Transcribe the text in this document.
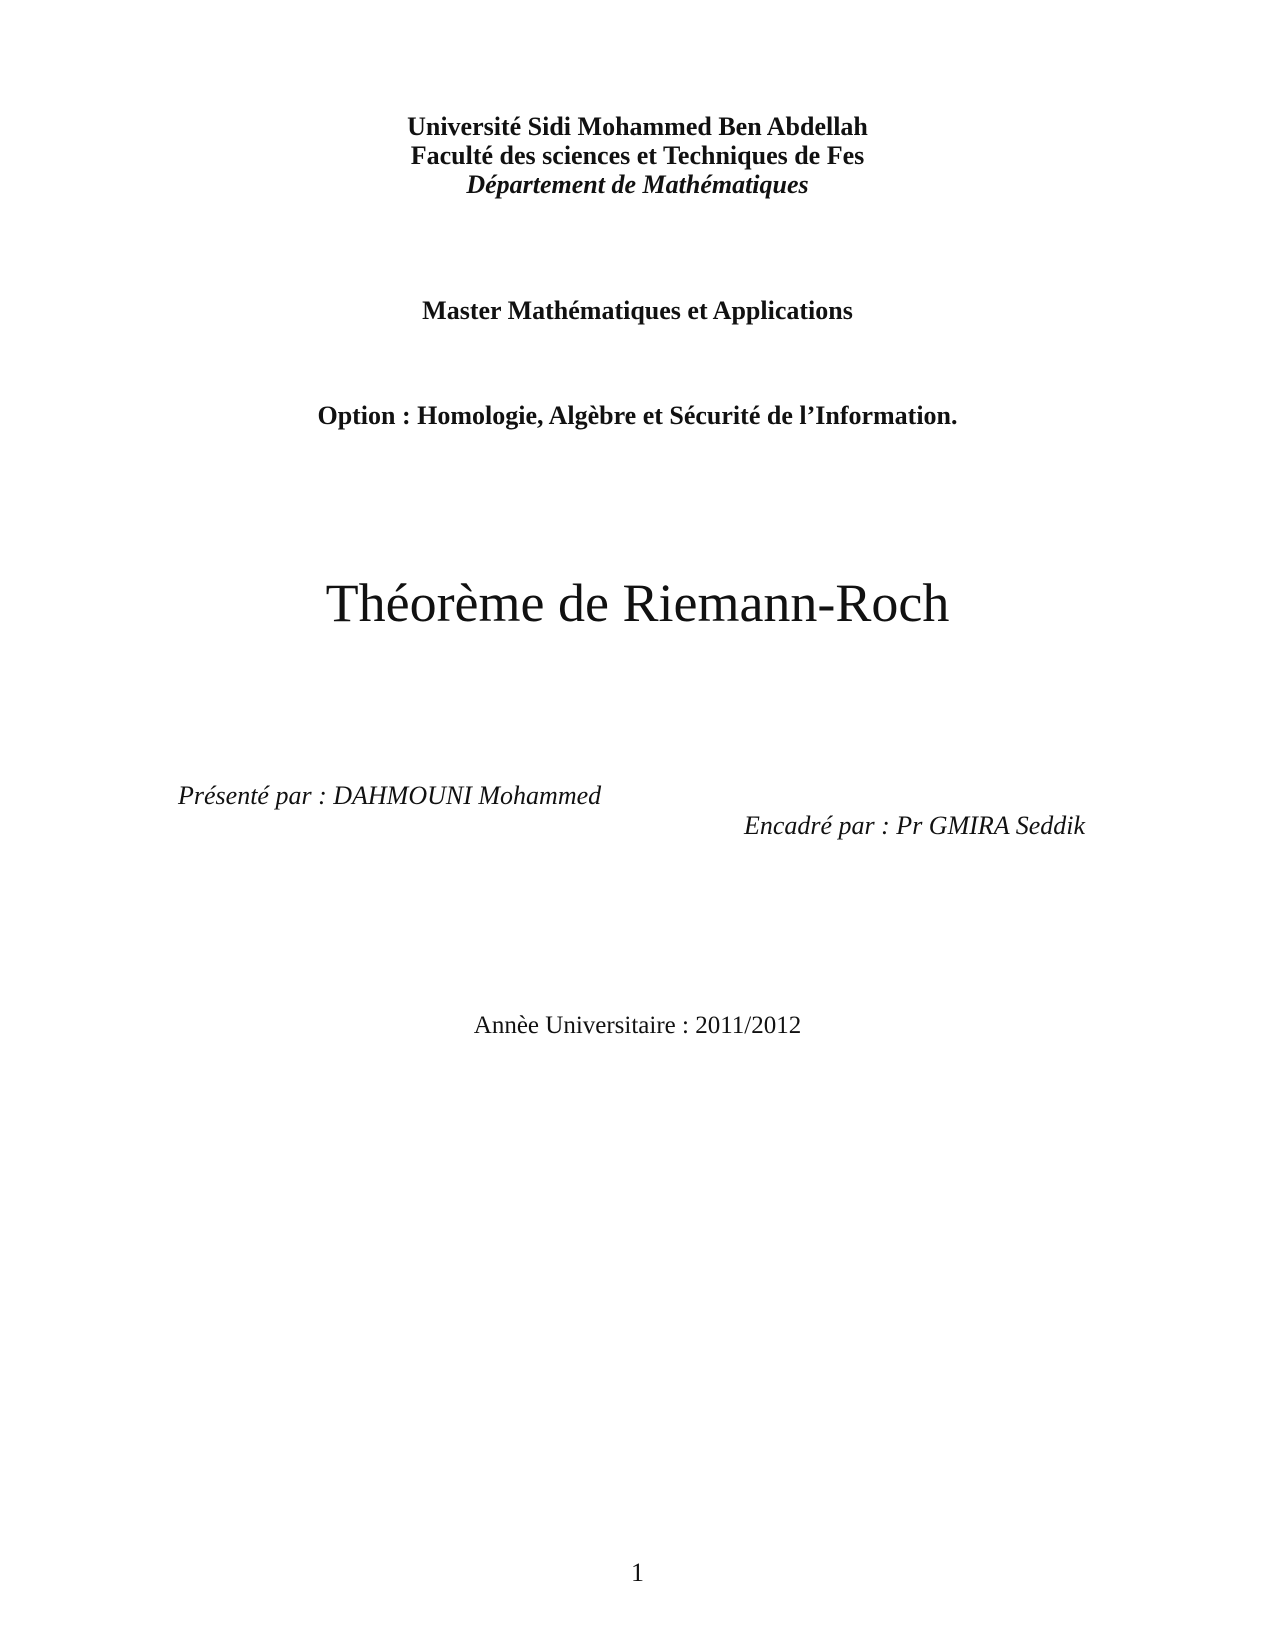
Université Sidi Mohammed Ben Abdellah
Faculté des sciences et Techniques de Fes
Département de Mathématiques
Master Mathématiques et Applications
Option : Homologie, Algèbre et Sécurité de l’Information.
Théorème de Riemann-Roch
Présenté par : DAHMOUNI Mohammed
Encadré par : Pr GMIRA Seddik
Annèe Universitaire : 2011/2012
1
